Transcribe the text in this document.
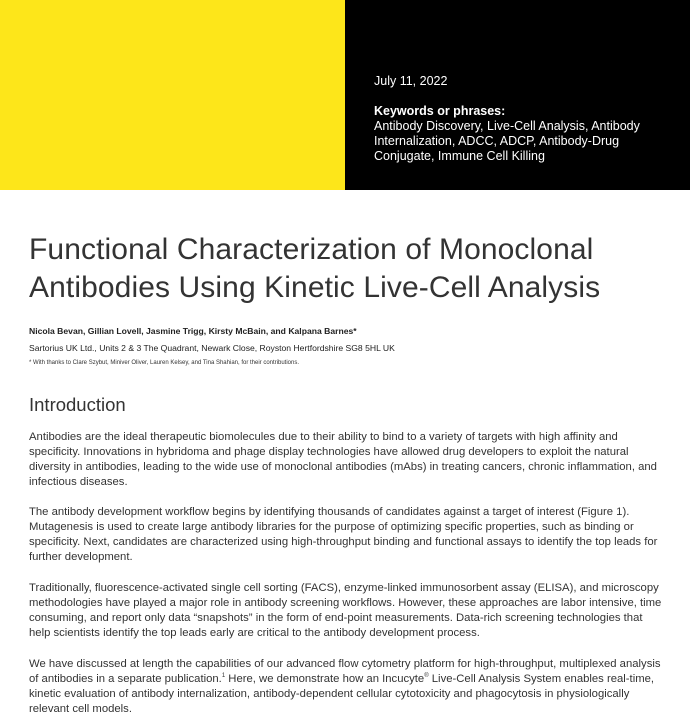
July 11, 2022
Keywords or phrases:
Antibody Discovery, Live-Cell Analysis, Antibody Internalization, ADCC, ADCP, Antibody-Drug Conjugate, Immune Cell Killing
Functional Characterization of Monoclonal Antibodies Using Kinetic Live-Cell Analysis
Nicola Bevan, Gillian Lovell, Jasmine Trigg, Kirsty McBain, and Kalpana Barnes*
Sartorius UK Ltd., Units 2 & 3 The Quadrant, Newark Close, Royston Hertfordshire SG8 5HL UK
* With thanks to Clare Szybut, Miniver Oliver, Lauren Kelsey, and Tina Shahian, for their contributions.
Introduction

Antibodies are the ideal therapeutic biomolecules due to their ability to bind to a variety of targets with high affinity and specificity. Innovations in hybridoma and phage display technologies have allowed drug developers to exploit the natural diversity in antibodies, leading to the wide use of monoclonal antibodies (mAbs) in treating cancers, chronic inflammation, and infectious diseases.

The antibody development workflow begins by identifying thousands of candidates against a target of interest (Figure 1). Mutagenesis is used to create large antibody libraries for the purpose of optimizing specific properties, such as binding or specificity. Next, candidates are characterized using high-throughput binding and functional assays to identify the top leads for further development.

Traditionally, fluorescence-activated single cell sorting (FACS), enzyme-linked immunosorbent assay (ELISA), and microscopy methodologies have played a major role in antibody screening workflows. However, these approaches are labor intensive, time consuming, and report only data “snapshots” in the form of end-point measurements. Data-rich screening technologies that help scientists identify the top leads early are critical to the antibody development process.

We have discussed at length the capabilities of our advanced flow cytometry platform for high-throughput, multiplexed analysis of antibodies in a separate publication.$^1$ Here, we demonstrate how an Incucyte® Live-Cell Analysis System enables real-time, kinetic evaluation of antibody internalization, antibody-dependent cellular cytotoxicity and phagocytosis in physiologically relevant cell models.
